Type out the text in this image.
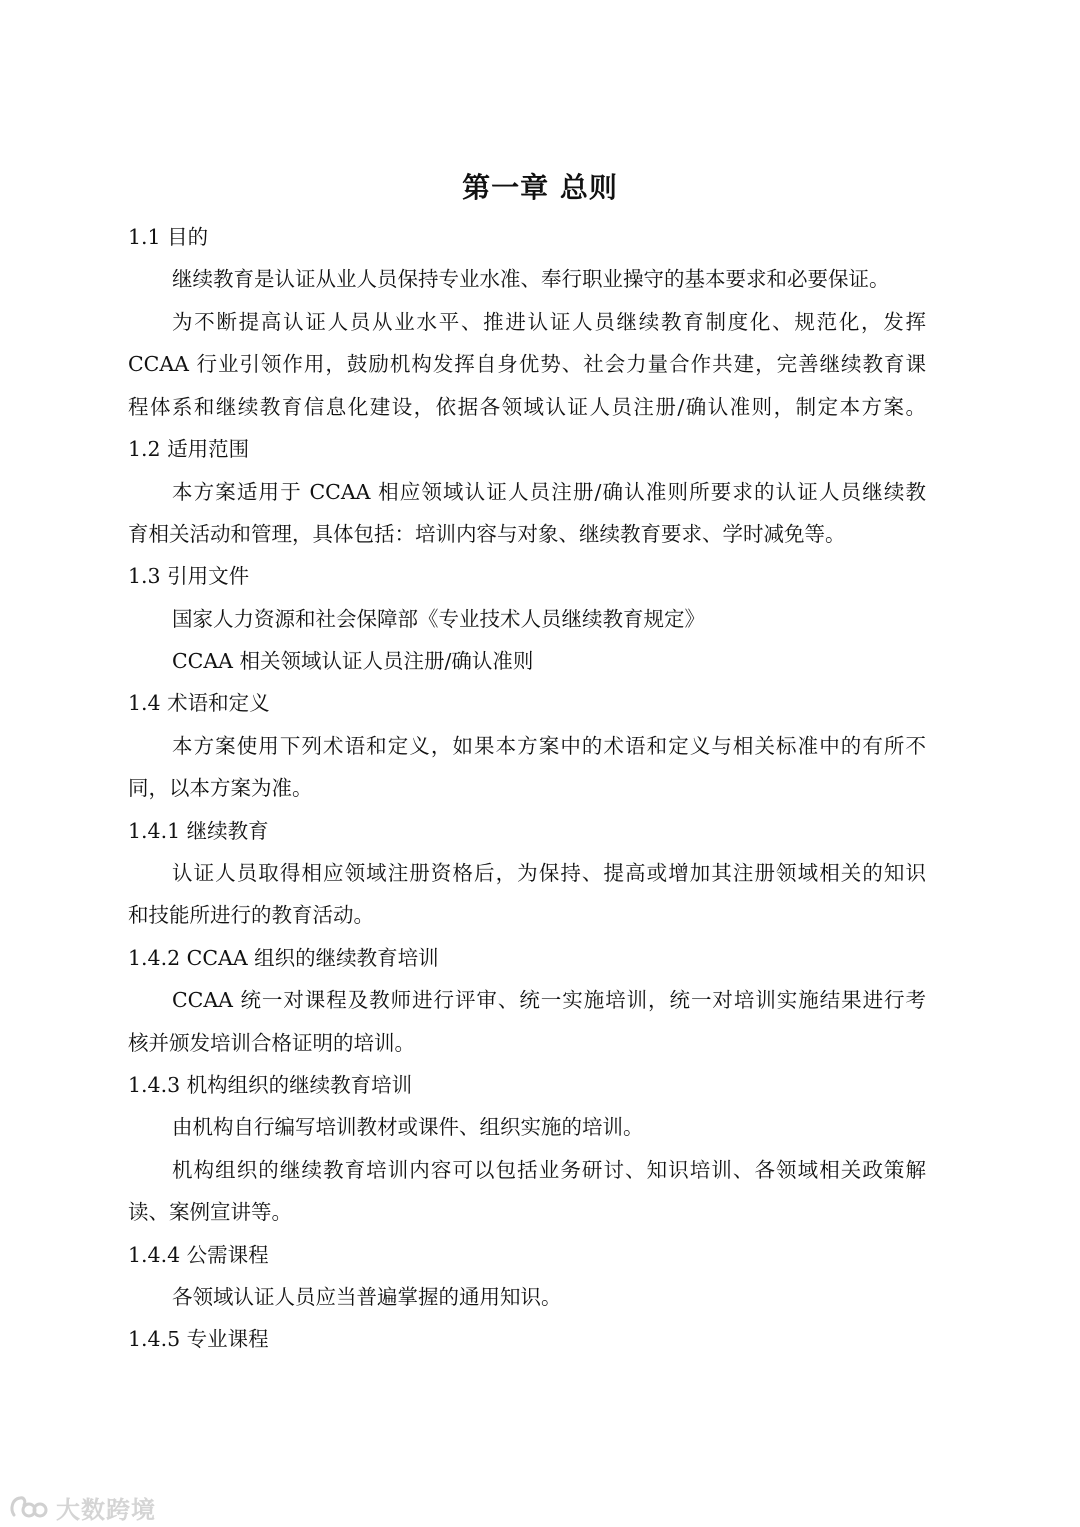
第一章 总则
1.1 目的
继续教育是认证从业人员保持专业水准、奉行职业操守的基本要求和必要保证。
为不断提高认证人员从业水平、推进认证人员继续教育制度化、规范化，发挥
CCAA 行业引领作用，鼓励机构发挥自身优势、社会力量合作共建，完善继续教育课
程体系和继续教育信息化建设，依据各领域认证人员注册/确认准则，制定本方案。
1.2 适用范围
本方案适用于 CCAA 相应领域认证人员注册/确认准则所要求的认证人员继续教
育相关活动和管理，具体包括：培训内容与对象、继续教育要求、学时减免等。
1.3 引用文件
国家人力资源和社会保障部《专业技术人员继续教育规定》
CCAA 相关领域认证人员注册/确认准则
1.4 术语和定义
本方案使用下列术语和定义，如果本方案中的术语和定义与相关标准中的有所不
同，以本方案为准。
1.4.1 继续教育
认证人员取得相应领域注册资格后，为保持、提高或增加其注册领域相关的知识
和技能所进行的教育活动。
1.4.2 CCAA 组织的继续教育培训
CCAA 统一对课程及教师进行评审、统一实施培训，统一对培训实施结果进行考
核并颁发培训合格证明的培训。
1.4.3 机构组织的继续教育培训
由机构自行编写培训教材或课件、组织实施的培训。
机构组织的继续教育培训内容可以包括业务研讨、知识培训、各领域相关政策解
读、案例宣讲等。
1.4.4 公需课程
各领域认证人员应当普遍掌握的通用知识。
1.4.5 专业课程
大数跨境
